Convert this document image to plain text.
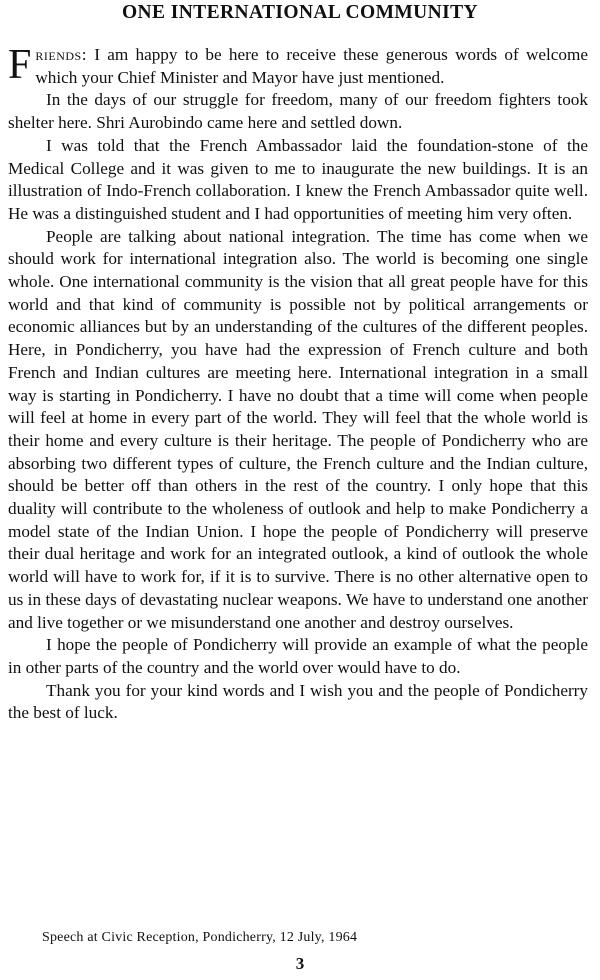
ONE INTERNATIONAL COMMUNITY

Friends: I am happy to be here to receive these generous words of welcome which your Chief Minister and Mayor have just mentioned.

In the days of our struggle for freedom, many of our freedom fighters took shelter here. Shri Aurobindo came here and settled down.

I was told that the French Ambassador laid the foundation-stone of the Medical College and it was given to me to inaugurate the new buildings. It is an illustration of Indo-French collaboration. I knew the French Ambassador quite well. He was a distinguished student and I had opportunities of meeting him very often.

People are talking about national integration. The time has come when we should work for international integration also. The world is becoming one single whole. One international community is the vision that all great people have for this world and that kind of community is possible not by political arrangements or economic alliances but by an understanding of the cultures of the different peoples. Here, in Pondicherry, you have had the expression of French culture and both French and Indian cultures are meeting here. International integration in a small way is starting in Pondicherry. I have no doubt that a time will come when people will feel at home in every part of the world. They will feel that the whole world is their home and every culture is their heritage. The people of Pondicherry who are absorbing two different types of culture, the French culture and the Indian culture, should be better off than others in the rest of the country. I only hope that this duality will contribute to the wholeness of outlook and help to make Pondicherry a model state of the Indian Union. I hope the people of Pondicherry will preserve their dual heritage and work for an integrated outlook, a kind of outlook the whole world will have to work for, if it is to survive. There is no other alternative open to us in these days of devastating nuclear weapons. We have to understand one another and live together or we misunderstand one another and destroy ourselves.

I hope the people of Pondicherry will provide an example of what the people in other parts of the country and the world over would have to do.

Thank you for your kind words and I wish you and the people of Pondicherry the best of luck.

Speech at Civic Reception, Pondicherry, 12 July, 1964
3
